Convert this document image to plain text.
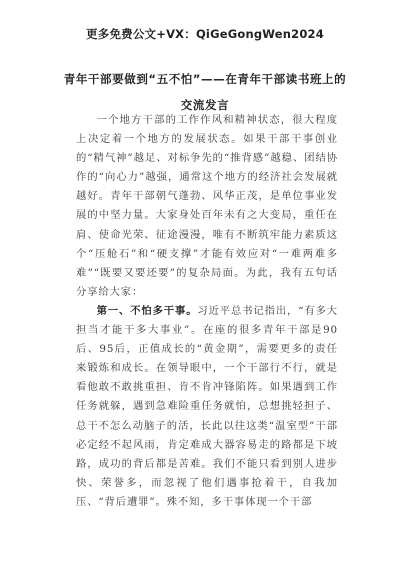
更多免费公文+VX：QiGeGongWen2024
青年干部要做到“五不怕”——在青年干部读书班上的交流发言

一个地方干部的工作作风和精神状态，很大程度上决定着一个地方的发展状态。如果干部干事创业的“精气神”越足、对标争先的“推背感”越稳、团结协作的“向心力”越强，通常这个地方的经济社会发展就越好。青年干部朝气蓬勃、风华正茂，是单位事业发展的中坚力量。大家身处百年未有之大变局，重任在肩、使命光荣、征途漫漫，唯有不断筑牢能力素质这个“压舱石”和“硬支撑”才能有效应对“一难两难多难”“既要又要还要”的复杂局面。为此，我有五句话分享给大家：

第一、不怕多干事。习近平总书记指出，“有多大担当才能干多大事业”。在座的很多青年干部是90后、95后，正值成长的“黄金期”，需要更多的责任来锻炼和成长。在领导眼中，一个干部行不行，就是看他敢不敢挑重担、肯不肯冲锋陷阵。如果遇到工作任务就躲，遇到急难险重任务就怕，总想挑轻担子、总干不怎么动脑子的活，长此以往这类“温室型”干部必定经不起风雨，肯定难成大器容易走的路都是下坡路，成功的背后都是苦难。我们不能只看到别人进步快、荣誉多，而忽视了他们遇事抢着干，自我加压、“背后遭罪”。殊不知，多干事体现一个干部
